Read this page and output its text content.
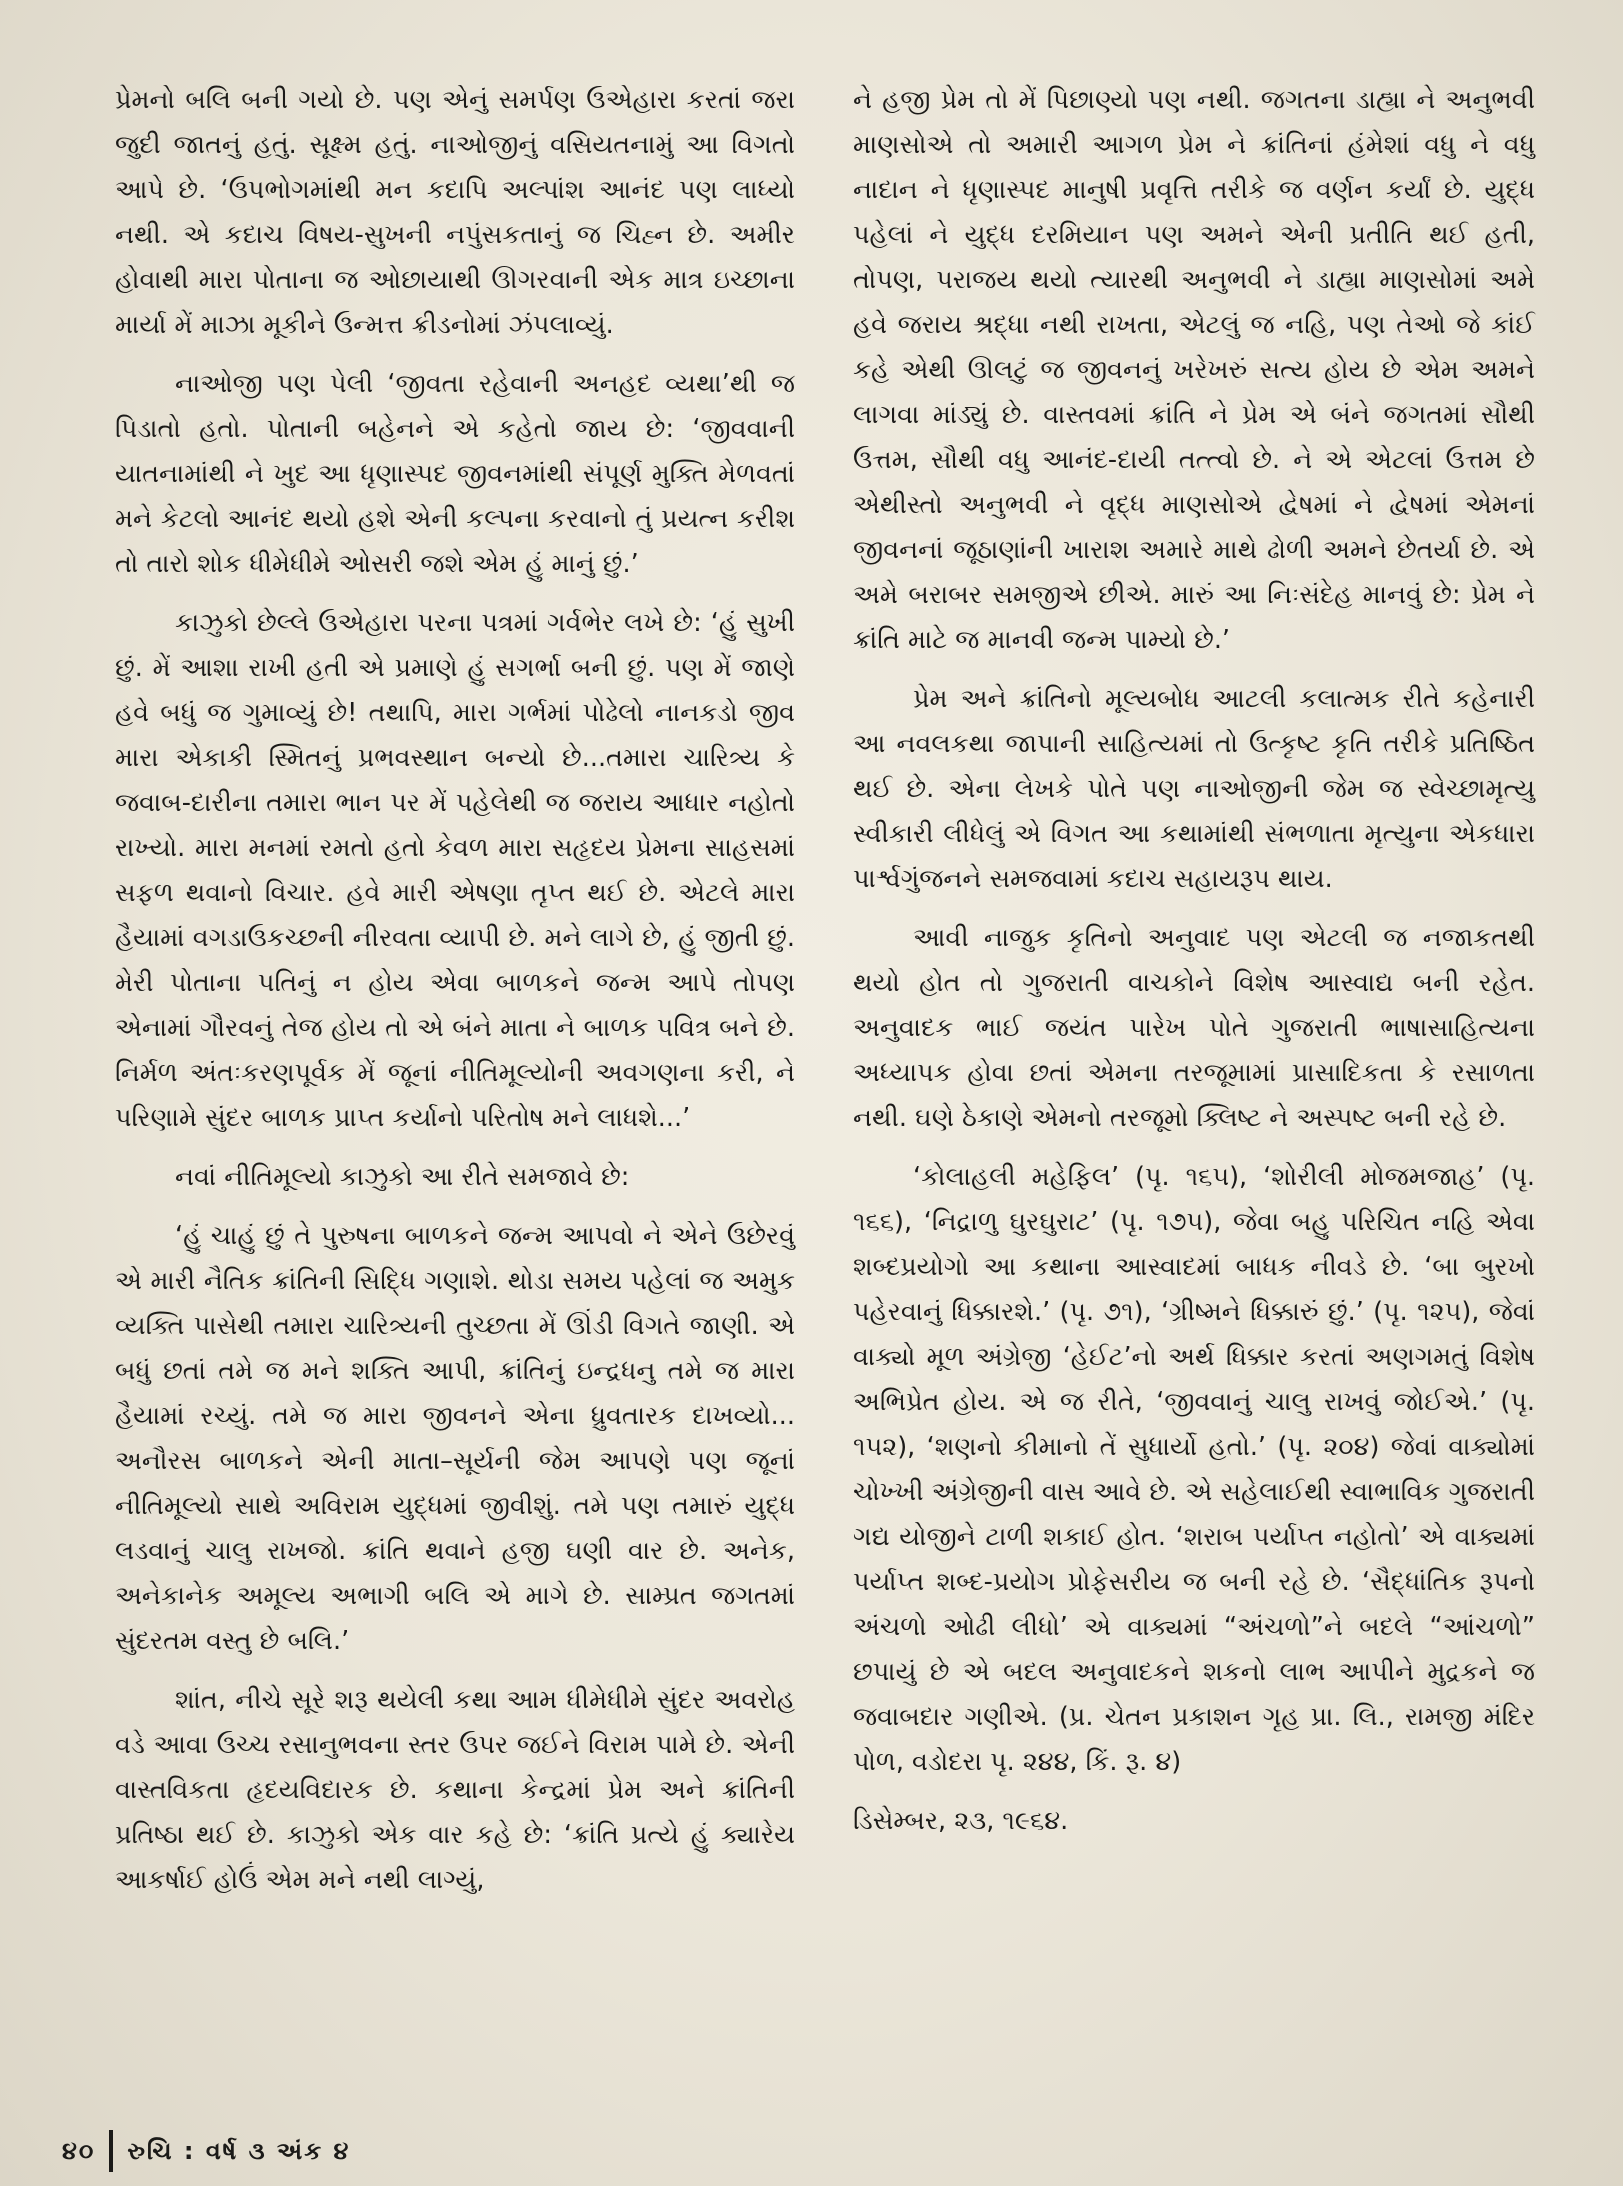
પ્રેમનો બલિ બની ગયો છે. પણ એનું સમર્પણ ઉએહારા કરતાં જરા જુદી જાતનું હતું. સૂક્ષ્મ હતું. નાઓજીનું વસિયતનામું આ વિગતો આપે છે. ‘ઉપભોગમાંથી મન કદાપિ અલ્પાંશ આનંદ પણ લાધ્યો નથી. એ કદાચ વિષય-સુખની નપુંસકતાનું જ ચિહ્ન છે. અમીર હોવાથી મારા પોતાના જ ઓછાયાથી ઊગરવાની એક માત્ર ઇચ્છાના માર્યા મેં માઝા મૂકીને ઉન્મત્ત ક્રીડનોમાં ઝંપલાવ્યું.

નાઓજી પણ પેલી ‘જીવતા રહેવાની અનહદ વ્યથા’થી જ પિડાતો હતો. પોતાની બહેનને એ કહેતો જાય છે: ‘જીવવાની યાતનામાંથી ને ખુદ આ ધૃણાસ્પદ જીવનમાંથી સંપૂર્ણ મુક્તિ મેળવતાં મને કેટલો આનંદ થયો હશે એની કલ્પના કરવાનો તું પ્રયત્ન કરીશ તો તારો શોક ધીમેધીમે ઓસરી જશે એમ હું માનું છું.’

કાઝુકો છેલ્લે ઉએહારા પરના પત્રમાં ગર્વભેર લખે છે: ‘હું સુખી છું. મેં આશા રાખી હતી એ પ્રમાણે હું સગર્ભા બની છું. પણ મેં જાણે હવે બધું જ ગુમાવ્યું છે! તથાપિ, મારા ગર્ભમાં પોઢેલો નાનકડો જીવ મારા એકાકી સ્મિતનું પ્રભવસ્થાન બન્યો છે...તમારા ચારિત્ર્ય કે જવાબ-દારીના તમારા ભાન પર મેં પહેલેથી જ જરાય આધાર નહોતો રાખ્યો. મારા મનમાં રમતો હતો કેવળ મારા સહૃદય પ્રેમના સાહસમાં સફળ થવાનો વિચાર. હવે મારી એષણા તૃપ્ત થઈ છે. એટલે મારા હૈયામાં વગડાઉકચ્છની નીરવતા વ્યાપી છે. મને લાગે છે, હું જીતી છું. મેરી પોતાના પતિનું ન હોય એવા બાળકને જન્મ આપે તોપણ એનામાં ગૌરવનું તેજ હોય તો એ બંને માતા ને બાળક પવિત્ર બને છે. નિર્મળ અંતઃકરણપૂર્વક મેં જૂનાં નીતિમૂલ્યોની અવગણના કરી, ને પરિણામે સુંદર બાળક પ્રાપ્ત કર્યાનો પરિતોષ મને લાધશે...’

નવાં નીતિમૂલ્યો કાઝુકો આ રીતે સમજાવે છે:

‘હું ચાહું છું તે પુરુષના બાળકને જન્મ આપવો ને એને ઉછેરવું એ મારી નૈતિક ક્રાંતિની સિદ્ધિ ગણાશે. થોડા સમય પહેલાં જ અમુક વ્યક્તિ પાસેથી તમારા ચારિત્ર્યની તુચ્છતા મેં ઊંડી વિગતે જાણી. એ બધું છતાં તમે જ મને શક્તિ આપી, ક્રાંતિનું ઇન્દ્રધનુ તમે જ મારા હૈયામાં રચ્યું. તમે જ મારા જીવનને એના ધ્રુવતારક દાખવ્યો... અનૌરસ બાળકને એની માતા–સૂર્યની જેમ આપણે પણ જૂનાં નીતિમૂલ્યો સાથે અવિરામ યુદ્ધમાં જીવીશું. તમે પણ તમારું યુદ્ધ લડવાનું ચાલુ રાખજો. ક્રાંતિ થવાને હજી ઘણી વાર છે. અનેક, અનેકાનેક અમૂલ્ય અભાગી બલિ એ માગે છે. સામ્પ્રત જગતમાં સુંદરતમ વસ્તુ છે બલિ.’

શાંત, નીચે સૂરે શરૂ થયેલી કથા આમ ધીમેધીમે સુંદર અવરોહ વડે આવા ઉચ્ચ રસાનુભવના સ્તર ઉપર જઈને વિરામ પામે છે. એની વાસ્તવિકતા હૃદયવિદારક છે. કથાના કેન્દ્રમાં પ્રેમ અને ક્રાંતિની પ્રતિષ્ઠા થઈ છે. કાઝુકો એક વાર કહે છે: ‘ક્રાંતિ પ્રત્યે હું ક્યારેય આકર્ષાઈ હોઉં એમ મને નથી લાગ્યું,

ને હજી પ્રેમ તો મેં પિછાણ્યો પણ નથી. જગતના ડાહ્યા ને અનુભવી માણસોએ તો અમારી આગળ પ્રેમ ને ક્રાંતિનાં હંમેશાં વધુ ને વધુ નાદાન ને ધૃણાસ્પદ માનુષી પ્રવૃત્તિ તરીકે જ વર્ણન કર્યાં છે. યુદ્ધ પહેલાં ને યુદ્ધ દરમિયાન પણ અમને એની પ્રતીતિ થઈ હતી, તોપણ, પરાજય થયો ત્યારથી અનુભવી ને ડાહ્યા માણસોમાં અમે હવે જરાય શ્રદ્ધા નથી રાખતા, એટલું જ નહિ, પણ તેઓ જે કાંઈ કહે એથી ઊલટું જ જીવનનું ખરેખરું સત્ય હોય છે એમ અમને લાગવા માંડ્યું છે. વાસ્તવમાં ક્રાંતિ ને પ્રેમ એ બંને જગતમાં સૌથી ઉત્તમ, સૌથી વધુ આનંદ-દાયી તત્ત્વો છે. ને એ એટલાં ઉત્તમ છે એથીસ્તો અનુભવી ને વૃદ્ધ માણસોએ દ્વેષમાં ને દ્વેષમાં એમનાં જીવનનાં જૂઠાણાંની ખારાશ અમારે માથે ઢોળી અમને છેતર્યા છે. એ અમે બરાબર સમજીએ છીએ. મારું આ નિઃસંદેહ માનવું છે: પ્રેમ ને ક્રાંતિ માટે જ માનવી જન્મ પામ્યો છે.’

પ્રેમ અને ક્રાંતિનો મૂલ્યબોધ આટલી કલાત્મક રીતે કહેનારી આ નવલકથા જાપાની સાહિત્યમાં તો ઉત્કૃષ્ટ કૃતિ તરીકે પ્રતિષ્ઠિત થઈ છે. એના લેખકે પોતે પણ નાઓજીની જેમ જ સ્વેચ્છામૃત્યુ સ્વીકારી લીધેલું એ વિગત આ કથામાંથી સંભળાતા મૃત્યુના એકધારા પાર્શ્વગુંજનને સમજવામાં કદાચ સહાયરૂપ થાય.

આવી નાજુક કૃતિનો અનુવાદ પણ એટલી જ નજાકતથી થયો હોત તો ગુજરાતી વાચકોને વિશેષ આસ્વાદ્ય બની રહેત. અનુવાદક ભાઈ જયંત પારેખ પોતે ગુજરાતી ભાષાસાહિત્યના અધ્યાપક હોવા છતાં એમના તરજૂમામાં પ્રાસાદિકતા કે રસાળતા નથી. ઘણે ઠેકાણે એમનો તરજૂમો ક્લિષ્ટ ને અસ્પષ્ટ બની રહે છે.

‘કોલાહલી મહેફિલ’ (પૃ. ૧૬૫), ‘શોરીલી મોજમજાહ’ (પૃ. ૧૬૬), ‘નિદ્રાળુ ઘુરઘુરાટ’ (પૃ. ૧૭૫), જેવા બહુ પરિચિત નહિ એવા શબ્દપ્રયોગો આ કથાના આસ્વાદમાં બાધક નીવડે છે. ‘બા બુરખો પહેરવાનું ધિક્કારશે.’ (પૃ. ૭૧), ‘ગ્રીષ્મને ધિક્કારું છું.’ (પૃ. ૧૨૫), જેવાં વાક્યો મૂળ અંગ્રેજી ‘હેઈટ’નો અર્થ ધિક્કાર કરતાં અણગમતું વિશેષ અભિપ્રેત હોય. એ જ રીતે, ‘જીવવાનું ચાલુ રાખવું જોઈએ.’ (પૃ. ૧૫૨), ‘શણનો કીમાનો તેં સુધાર્યો હતો.’ (પૃ. ૨૦૪) જેવાં વાક્યોમાં ચોખ્ખી અંગ્રેજીની વાસ આવે છે. એ સહેલાઈથી સ્વાભાવિક ગુજરાતી ગદ્ય યોજીને ટાળી શકાઈ હોત. ‘શરાબ પર્યાપ્ત નહોતો’ એ વાક્યમાં પર્યાપ્ત શબ્દ-પ્રયોગ પ્રોફેસરીય જ બની રહે છે. ‘સૈદ્ધાંતિક રૂપનો અંચળો ઓઢી લીધો’ એ વાક્યમાં “અંચળો”ને બદલે “આંચળો” છપાયું છે એ બદલ અનુવાદકને શકનો લાભ આપીને મુદ્રકને જ જવાબદાર ગણીએ. (પ્ર. ચેતન પ્રકાશન ગૃહ પ્રા. લિ., રામજી મંદિર પોળ, વડોદરા પૃ. ૨૪૪, કિં. રૂ. ૪)

ડિસેમ્બર, ૨૩, ૧૯૬૪.

૪૦ રુચિ : વર્ષ ૩ અંક ૪
